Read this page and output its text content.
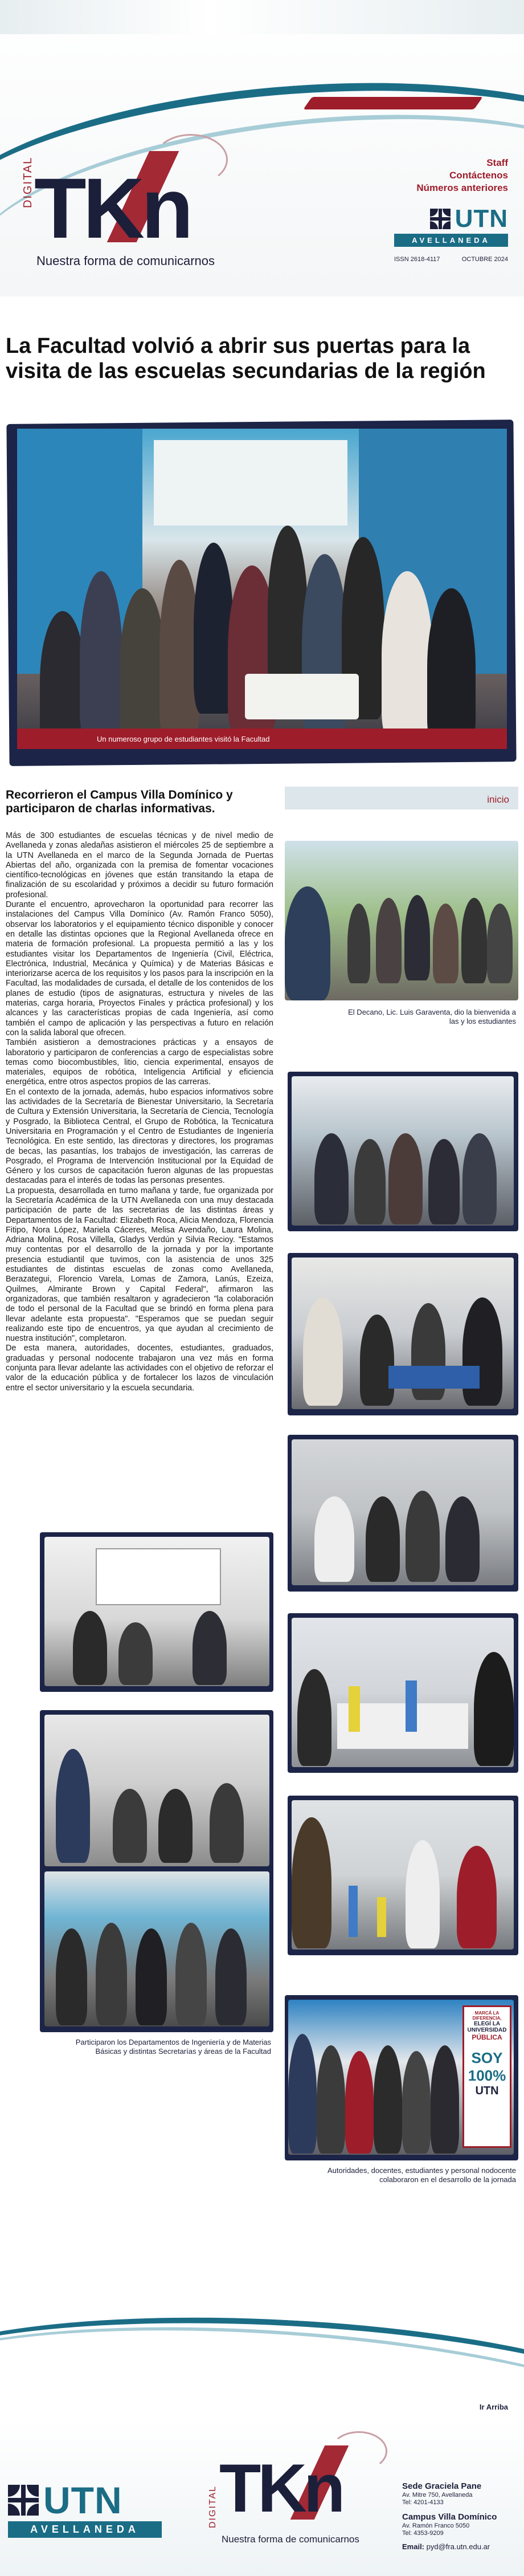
TKn
DIGITAL
Nuestra forma de comunicarnos
Staff
Contáctenos
Números anteriores
UTN
AVELLANEDA
ISSN 2618-4117	OCTUBRE 2024
La Facultad volvió a abrir sus puertas para la visita de las escuelas secundarias de la región
Un numeroso grupo de estudiantes visitó la Facultad
Recorrieron el Campus Villa Domínico y participaron de charlas informativas.
inicio

Más de 300 estudiantes de escuelas técnicas y de nivel medio de Avellaneda y zonas aledañas asistieron el miércoles 25 de septiembre a la UTN Avellaneda en el marco de la Segunda Jornada de Puertas Abiertas del año, organizada con la premisa de fomentar vocaciones científico-tecnológicas en jóvenes que están transitando la etapa de finalización de su escolaridad y próximos a decidir su futuro formación profesional.

Durante el encuentro, aprovecharon la oportunidad para recorrer las instalaciones del Campus Villa Domínico (Av. Ramón Franco 5050), observar los laboratorios y el equipamiento técnico disponible y conocer en detalle las distintas opciones que la Regional Avellaneda ofrece en materia de formación profesional. La propuesta permitió a las y los estudiantes visitar los Departamentos de Ingeniería (Civil, Eléctrica, Electrónica, Industrial, Mecánica y Química) y de Materias Básicas e interiorizarse acerca de los requisitos y los pasos para la inscripción en la Facultad, las modalidades de cursada, el detalle de los contenidos de los planes de estudio (tipos de asignaturas, estructura y niveles de las materias, carga horaria, Proyectos Finales y práctica profesional) y los alcances y las características propias de cada Ingeniería, así como también el campo de aplicación y las perspectivas a futuro en relación con la salida laboral que ofrecen.

También asistieron a demostraciones prácticas y a ensayos de laboratorio y participaron de conferencias a cargo de especialistas sobre temas como biocombustibles, litio, ciencia experimental, ensayos de materiales, equipos de robótica, Inteligencia Artificial y eficiencia energética, entre otros aspectos propios de las carreras.

En el contexto de la jornada, además, hubo espacios informativos sobre las actividades de la Secretaría de Bienestar Universitario, la Secretaría de Cultura y Extensión Universitaria, la Secretaría de Ciencia, Tecnología y Posgrado, la Biblioteca Central, el Grupo de Robótica, la Tecnicatura Universitaria en Programación y el Centro de Estudiantes de Ingeniería Tecnológica. En este sentido, las directoras y directores, los programas de becas, las pasantías, los trabajos de investigación, las carreras de Posgrado, el Programa de Intervención Institucional por la Equidad de Género y los cursos de capacitación fueron algunas de las propuestas destacadas para el interés de todas las personas presentes.

La propuesta, desarrollada en turno mañana y tarde, fue organizada por la Secretaría Académica de la UTN Avellaneda con una muy destacada participación de parte de las secretarias de las distintas áreas y Departamentos de la Facultad: Elizabeth Roca, Alicia Mendoza, Florencia Fitipo, Nora López, Mariela Cáceres, Melisa Avendaño, Laura Molina, Adriana Molina, Rosa Villella, Gladys Verdún y Silvia Recioy. "Estamos muy contentas por el desarrollo de la jornada y por la importante presencia estudiantil que tuvimos, con la asistencia de unos 325 estudiantes de distintas escuelas de zonas como Avellaneda, Berazategui, Florencio Varela, Lomas de Zamora, Lanús, Ezeiza, Quilmes, Almirante Brown y Capital Federal", afirmaron las organizadoras, que también resaltaron y agradecieron "la colaboración de todo el personal de la Facultad que se brindó en forma plena para llevar adelante esta propuesta". "Esperamos que se puedan seguir realizando este tipo de encuentros, ya que ayudan al crecimiento de nuestra institución", completaron.

De esta manera, autoridades, docentes, estudiantes, graduados, graduadas y personal nodocente trabajaron una vez más en forma conjunta para llevar adelante las actividades con el objetivo de reforzar el valor de la educación pública y de fortalecer los lazos de vinculación entre el sector universitario y la escuela secundaria.

El Decano, Lic. Luis Garaventa, dio la bienvenida a las y los estudiantes
Participaron los Departamentos de Ingeniería y de Materias Básicas y distintas Secretarías y áreas de la Facultad
MARCÁ LA DIFERENCIA,
ELEGÍ LA
UNIVERSIDAD
PÚBLICA
SOY
100%
UTN
Autoridades, docentes, estudiantes y personal nodocente colaboraron en el desarrollo de la jornada
Ir Arriba
UTN
AVELLANEDA
TKn
DIGITAL
Nuestra forma de comunicarnos
Sede Graciela Pane
Av. Mitre 750, Avellaneda
Tel: 4201-4133
Campus Villa Domínico
Av. Ramón Franco 5050
Tel: 4353-9209
Email: pyd@fra.utn.edu.ar
